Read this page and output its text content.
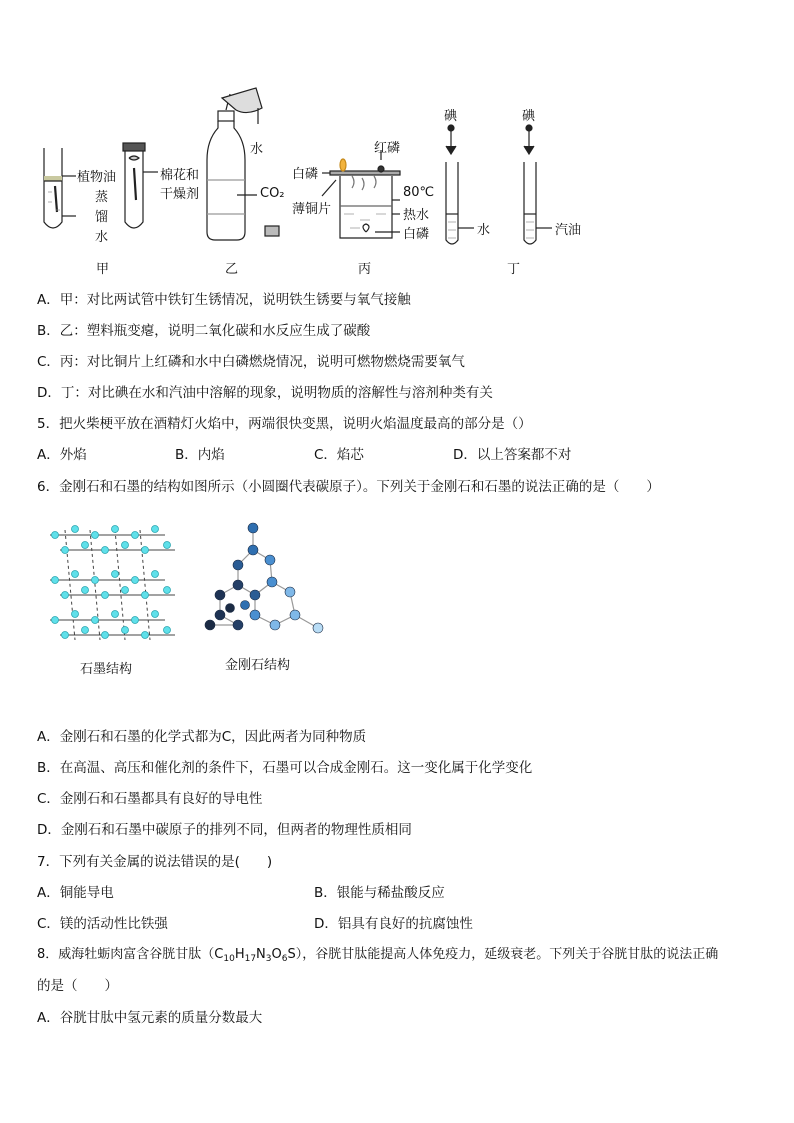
植物油
蒸
馏
水
棉花和
干燥剂
甲
水
CO₂
乙
红磷
白磷
薄铜片
80℃
热水
白磷
丙
碘	碘
水	汽油
丁
A．甲：对比两试管中铁钉生锈情况，说明铁生锈要与氧气接触
B．乙：塑料瓶变瘪，说明二氧化碳和水反应生成了碳酸
C．丙：对比铜片上红磷和水中白磷燃烧情况，说明可燃物燃烧需要氧气
D．丁：对比碘在水和汽油中溶解的现象，说明物质的溶解性与溶剂种类有关
5．把火柴梗平放在酒精灯火焰中，两端很快变黑，说明火焰温度最高的部分是（）
A．外焰	B．内焰	C．焰芯	D．以上答案都不对
6．金刚石和石墨的结构如图所示（小圆圈代表碳原子）。下列关于金刚石和石墨的说法正确的是（　　）
石墨结构	金刚石结构
A．金刚石和石墨的化学式都为C，因此两者为同种物质
B．在高温、高压和催化剂的条件下，石墨可以合成金刚石。这一变化属于化学变化
C．金刚石和石墨都具有良好的导电性
D．金刚石和石墨中碳原子的排列不同，但两者的物理性质相同
7．下列有关金属的说法错误的是(　　)
A．铜能导电	B．银能与稀盐酸反应
C．镁的活动性比铁强	D．铝具有良好的抗腐蚀性
8．威海牡蛎肉富含谷胱甘肽$(C_{10}H_{17}N_3O_6S)$，谷胱甘肽能提高人体免疫力，延级衰老。下列关于谷胱甘肽的说法正确
的是（　　）
A．谷胱甘肽中氢元素的质量分数最大
